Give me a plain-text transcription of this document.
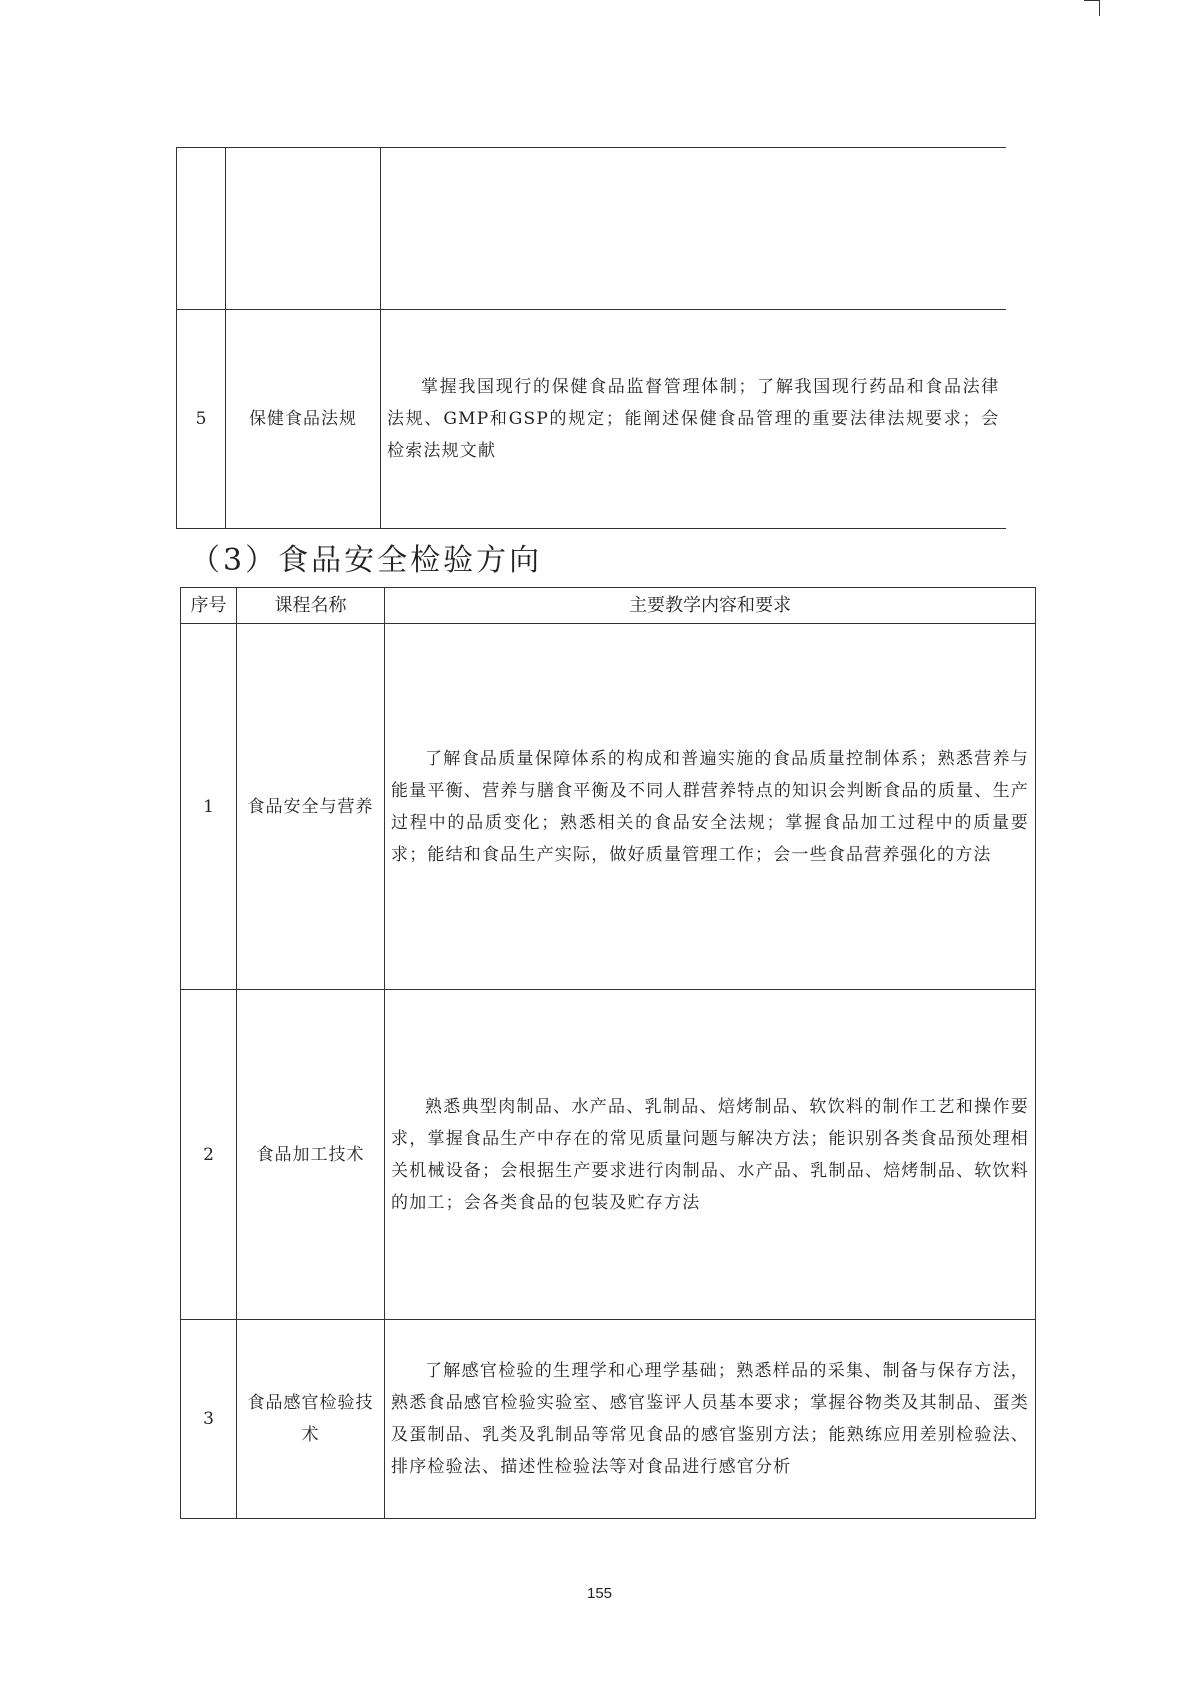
5	保健食品法规	掌握我国现行的保健食品监督管理体制；了解我国现行药品和食品法律法规、GMP和GSP的规定；能阐述保健食品管理的重要法律法规要求；会检索法规文献
（3）食品安全检验方向
序号	课程名称	主要教学内容和要求
1	食品安全与营养	了解食品质量保障体系的构成和普遍实施的食品质量控制体系；熟悉营养与能量平衡、营养与膳食平衡及不同人群营养特点的知识会判断食品的质量、生产过程中的品质变化；熟悉相关的食品安全法规；掌握食品加工过程中的质量要求；能结和食品生产实际，做好质量管理工作；会一些食品营养强化的方法
2	食品加工技术	熟悉典型肉制品、水产品、乳制品、焙烤制品、软饮料的制作工艺和操作要求，掌握食品生产中存在的常见质量问题与解决方法；能识别各类食品预处理相关机械设备；会根据生产要求进行肉制品、水产品、乳制品、焙烤制品、软饮料的加工；会各类食品的包装及贮存方法
3	食品感官检验技术	了解感官检验的生理学和心理学基础；熟悉样品的采集、制备与保存方法，熟悉食品感官检验实验室、感官鉴评人员基本要求；掌握谷物类及其制品、蛋类及蛋制品、乳类及乳制品等常见食品的感官鉴别方法；能熟练应用差别检验法、排序检验法、描述性检验法等对食品进行感官分析
155
